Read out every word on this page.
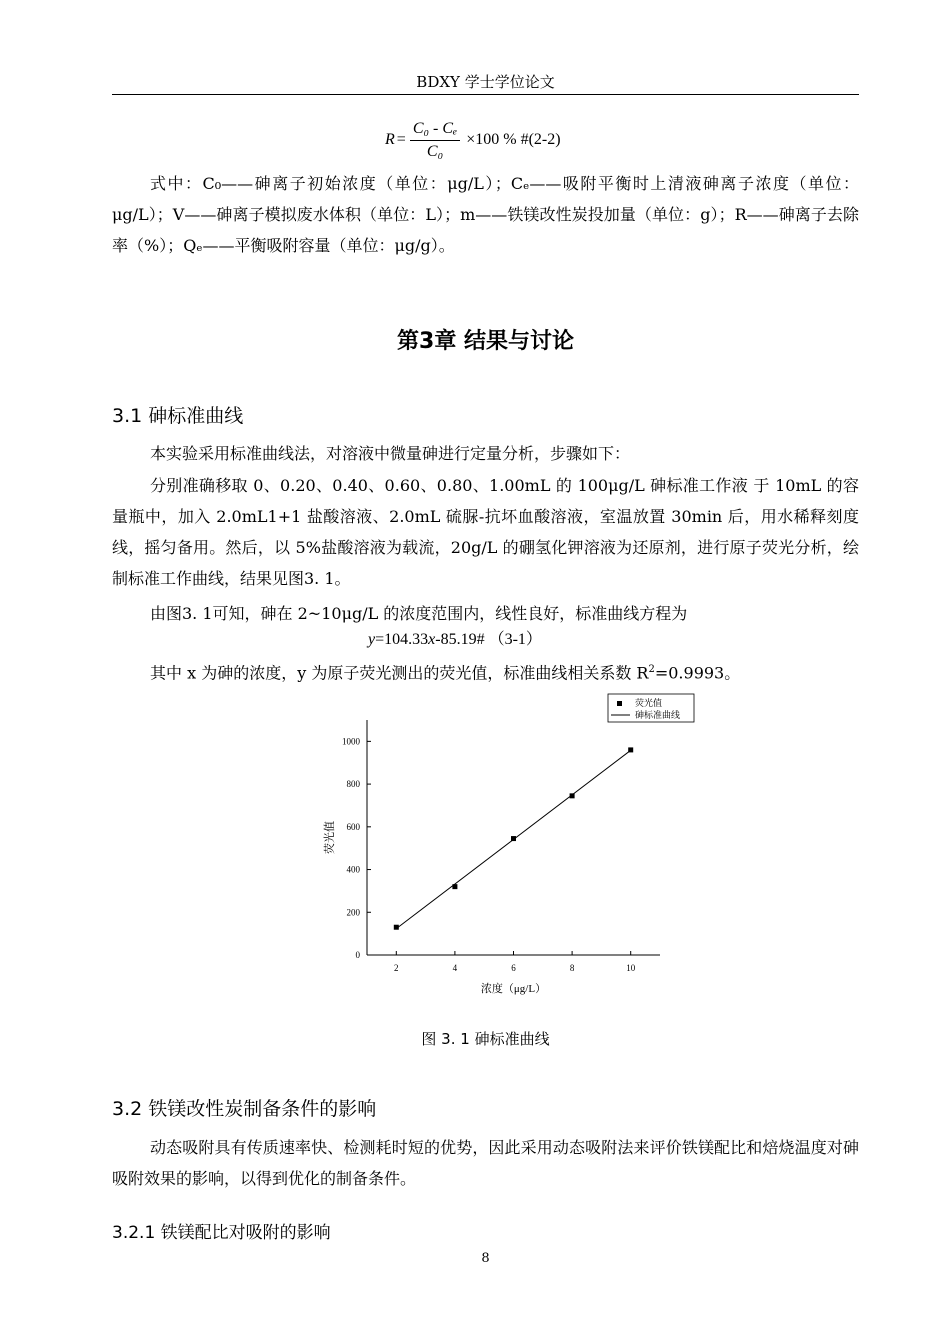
BDXY 学士学位论文
$R = \frac{\text{C₀ - Cₑ}}{\text{C₀}} \times 100$ % #(2-2)
式中：C₀——砷离子初始浓度（单位：μg/L）；Cₑ——吸附平衡时上清液砷离子浓度（单位：μg/L）；V——砷离子模拟废水体积（单位：L）；m——铁镁改性炭投加量（单位：g）；R——砷离子去除率（%）；Qₑ——平衡吸附容量（单位：μg/g）。
第3章 结果与讨论
3.1 砷标准曲线
本实验采用标准曲线法，对溶液中微量砷进行定量分析，步骤如下：
分别准确移取 0、0.20、0.40、0.60、0.80、1.00mL 的 100μg/L 砷标准工作液 于 10mL 的容量瓶中，加入 2.0mL1+1 盐酸溶液、2.0mL 硫脲-抗坏血酸溶液，室温放置 30min 后，用水稀释刻度线，摇匀备用。然后，以 5%盐酸溶液为载流，20g/L 的硼氢化钾溶液为还原剂，进行原子荧光分析，绘制标准工作曲线，结果见图3. 1。
由图3. 1可知，砷在 2~10μg/L 的浓度范围内，线性良好，标准曲线方程为
y=104.33x-85.19# （3-1）
其中 x 为砷的浓度，y 为原子荧光测出的荧光值，标准曲线相关系数 $R^2=0.9993$。
0
200
400
600
800
1000
2	4	6	8	10
浓度（μg/L）
荧光值
荧光值
砷标准曲线
图 3. 1 砷标准曲线
3.2 铁镁改性炭制备条件的影响
动态吸附具有传质速率快、检测耗时短的优势，因此采用动态吸附法来评价铁镁配比和焙烧温度对砷吸附效果的影响，以得到优化的制备条件。
3.2.1 铁镁配比对吸附的影响
8
